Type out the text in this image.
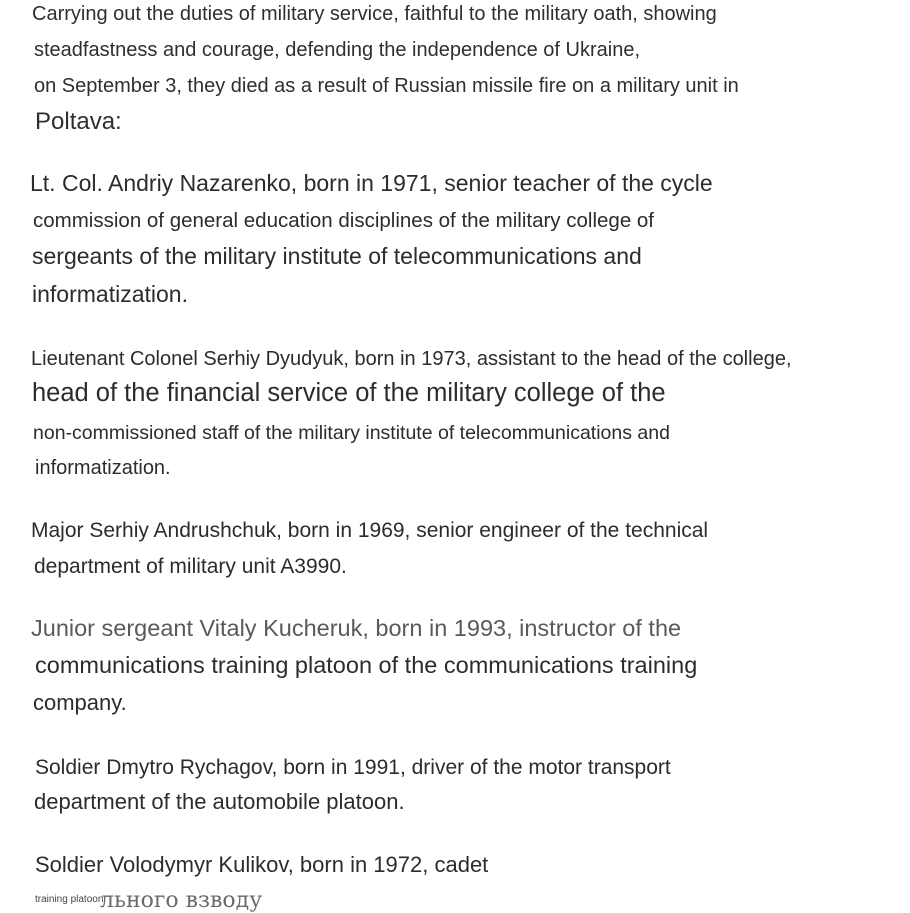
Carrying out the duties of military service, faithful to the military oath, showing
steadfastness and courage, defending the independence of Ukraine,
on September 3, they died as a result of Russian missile fire on a military unit in
Poltava:
Lt. Col. Andriy Nazarenko, born in 1971, senior teacher of the cycle
commission of general education disciplines of the military college of
sergeants of the military institute of telecommunications and
informatization.
Lieutenant Colonel Serhiy Dyudyuk, born in 1973, assistant to the head of the college,
head of the financial service of the military college of the
non-commissioned staff of the military institute of telecommunications and
informatization.
Major Serhiy Andrushchuk, born in 1969, senior engineer of the technical
department of military unit A3990.
Junior sergeant Vitaly Kucheruk, born in 1993, instructor of the
communications training platoon of the communications training
company.
Soldier Dmytro Rychagov, born in 1991, driver of the motor transport
department of the automobile platoon.
Soldier Volodymyr Kulikov, born in 1972, cadet
льного взводу
training platoon
